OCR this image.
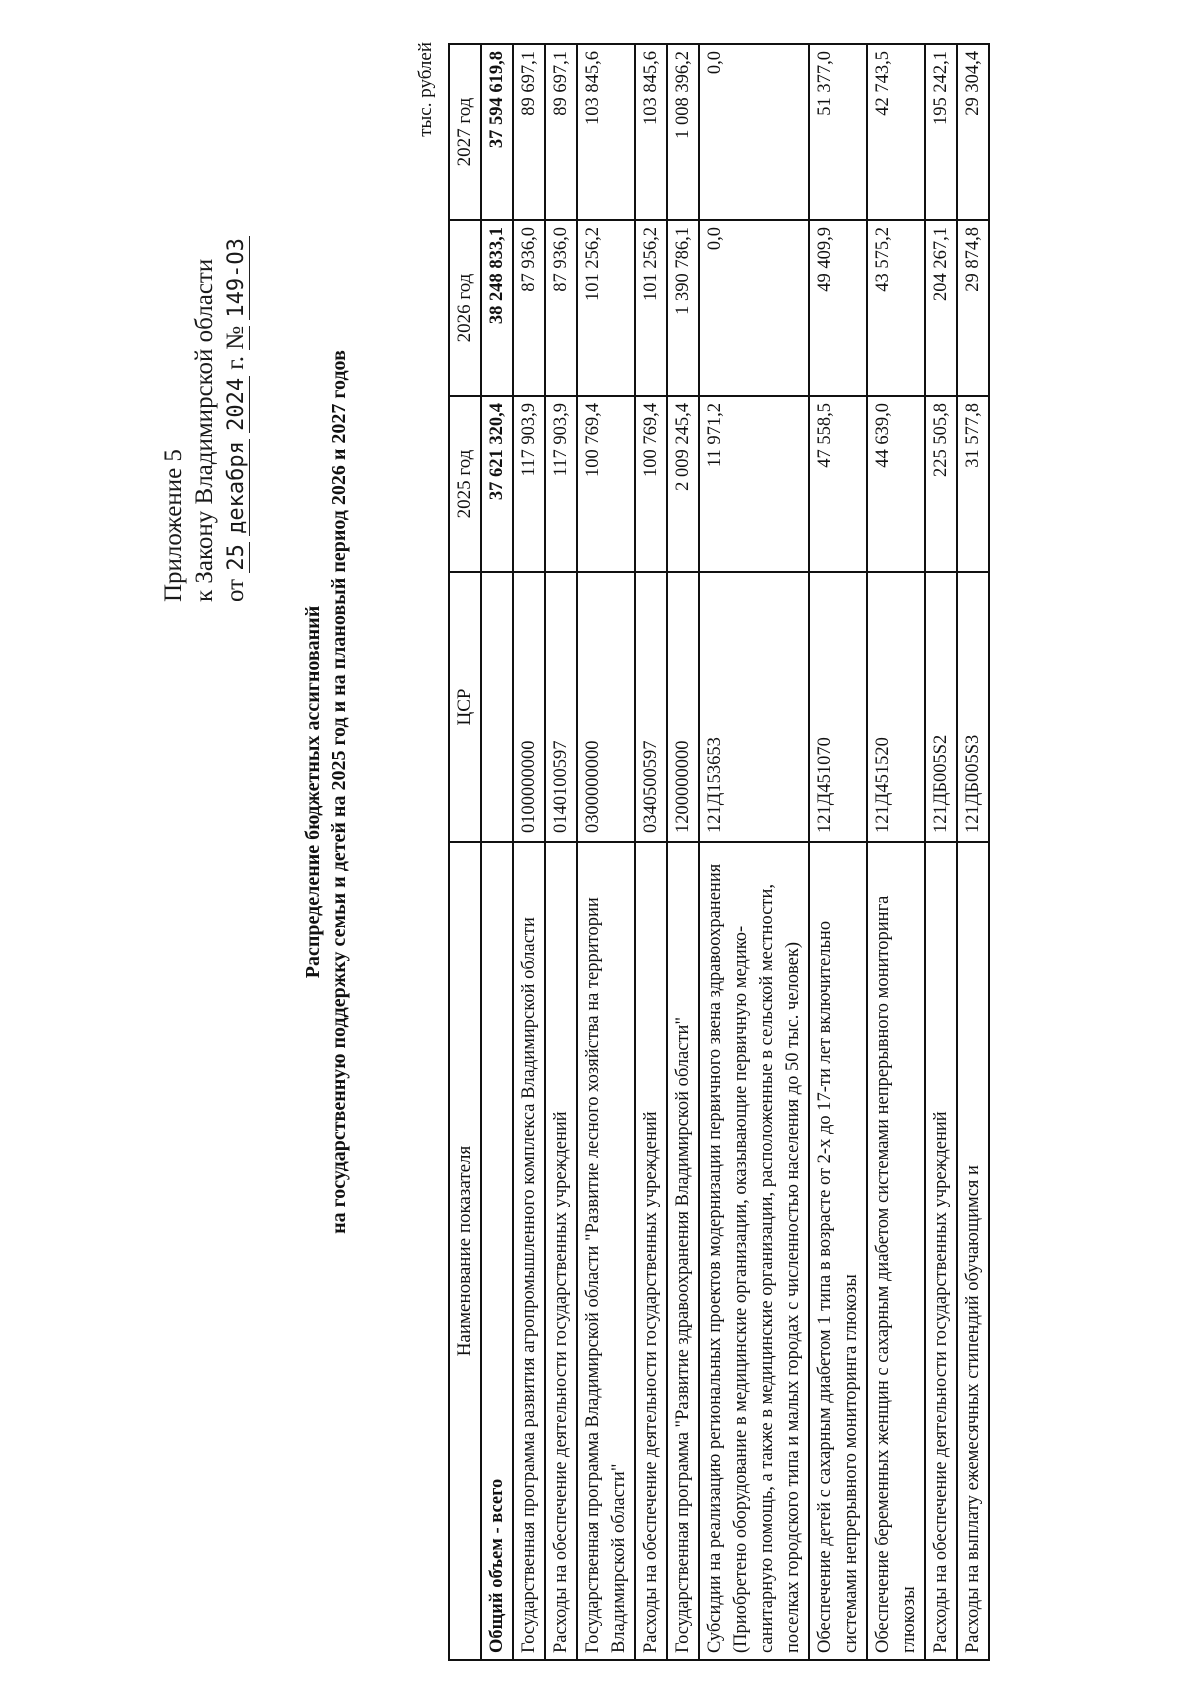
Приложение 5 к Закону Владимирской области от 25 декабря 2024 г. № 149-ОЗ
Распределение бюджетных ассигнований на государственную поддержку семьи и детей на 2025 год и на плановый период 2026 и 2027 годов
тыс. рублей
Наименование показателя	ЦСР	2025 год	2026 год	2027 год
Общий объем - всего		37 621 320,4	38 248 833,1	37 594 619,8
Государственная программа развития агропромышленного комплекса Владимирской области	0100000000	117 903,9	87 936,0	89 697,1
Расходы на обеспечение деятельности государственных учреждений	0140100597	117 903,9	87 936,0	89 697,1
Государственная программа Владимирской области "Развитие лесного хозяйства на территории Владимирской области"	0300000000	100 769,4	101 256,2	103 845,6
Расходы на обеспечение деятельности государственных учреждений	0340500597	100 769,4	101 256,2	103 845,6
Государственная программа "Развитие здравоохранения Владимирской области"	1200000000	2 009 245,4	1 390 786,1	1 008 396,2
Субсидии на реализацию региональных проектов модернизации первичного звена здравоохранения (Приобретено оборудование в медицинские организации, оказывающие первичную медико-санитарную помощь, а также в медицинские организации, расположенные в сельской местности, поселках городского типа и малых городах с численностью населения до 50 тыс. человек)	121Д153653	11 971,2	0,0	0,0
Обеспечение детей с сахарным диабетом 1 типа в возрасте от 2-х до 17-ти лет включительно системами непрерывного мониторинга глюкозы	121Д451070	47 558,5	49 409,9	51 377,0
Обеспечение беременных женщин с сахарным диабетом системами непрерывного мониторинга глюкозы	121Д451520	44 639,0	43 575,2	42 743,5
Расходы на обеспечение деятельности государственных учреждений	121ДБ005S2	225 505,8	204 267,1	195 242,1
Расходы на выплату ежемесячных стипендий обучающимся и	121ДБ005S3	31 577,8	29 874,8	29 304,4
